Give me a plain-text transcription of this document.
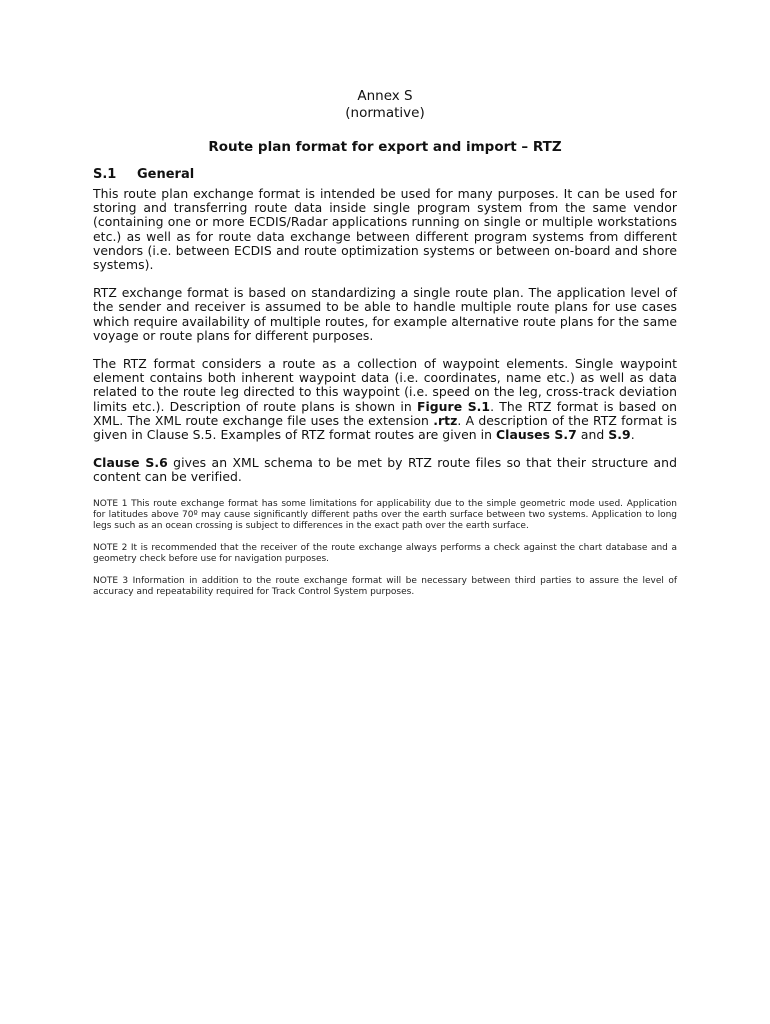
Annex S

(normative)

Route plan format for export and import – RTZ

S.1	General

This route plan exchange format is intended be used for many purposes. It can be used for storing and transferring route data inside single program system from the same vendor (containing one or more ECDIS/Radar applications running on single or multiple workstations etc.) as well as for route data exchange between different program systems from different vendors (i.e. between ECDIS and route optimization systems or between on-board and shore systems).

RTZ exchange format is based on standardizing a single route plan. The application level of the sender and receiver is assumed to be able to handle multiple route plans for use cases which require availability of multiple routes, for example alternative route plans for the same voyage or route plans for different purposes.

The RTZ format considers a route as a collection of waypoint elements. Single waypoint element contains both inherent waypoint data (i.e. coordinates, name etc.) as well as data related to the route leg directed to this waypoint (i.e. speed on the leg, cross-track deviation limits etc.). Description of route plans is shown in Figure S.1. The RTZ format is based on XML. The XML route exchange file uses the extension .rtz. A description of the RTZ format is given in Clause S.5. Examples of RTZ format routes are given in Clauses S.7 and S.9.

Clause S.6 gives an XML schema to be met by RTZ route files so that their structure and content can be verified.

NOTE 1 This route exchange format has some limitations for applicability due to the simple geometric mode used. Application for latitudes above 70º may cause significantly different paths over the earth surface between two systems. Application to long legs such as an ocean crossing is subject to differences in the exact path over the earth surface.

NOTE 2 It is recommended that the receiver of the route exchange always performs a check against the chart database and a geometry check before use for navigation purposes.

NOTE 3 Information in addition to the route exchange format will be necessary between third parties to assure the level of accuracy and repeatability required for Track Control System purposes.
